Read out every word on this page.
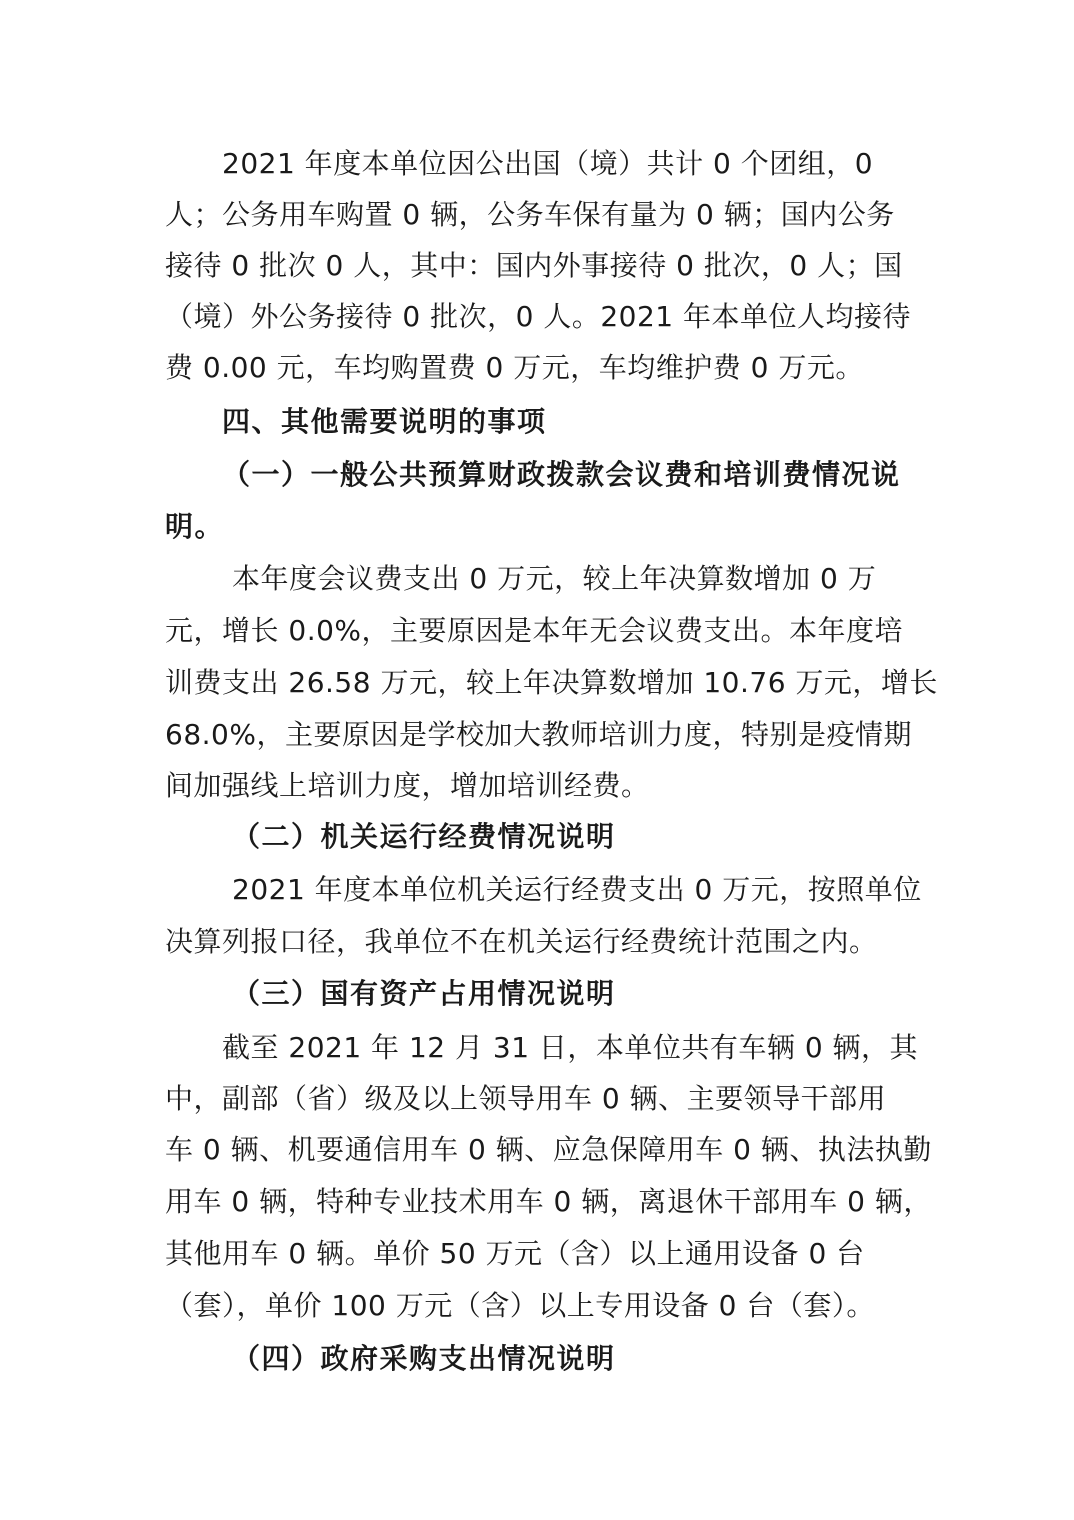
2021 年度本单位因公出国（境）共计 0 个团组，0
人；公务用车购置 0 辆，公务车保有量为 0 辆；国内公务
接待 0 批次 0 人，其中：国内外事接待 0 批次，0 人；国
（境）外公务接待 0 批次，0 人。2021 年本单位人均接待
费 0.00 元，车均购置费 0 万元，车均维护费 0 万元。
四、其他需要说明的事项
（一）一般公共预算财政拨款会议费和培训费情况说
明。
本年度会议费支出 0 万元，较上年决算数增加 0 万
元，增长 0.0%，主要原因是本年无会议费支出。本年度培
训费支出 26.58 万元，较上年决算数增加 10.76 万元，增长
68.0%，主要原因是学校加大教师培训力度，特别是疫情期
间加强线上培训力度，增加培训经费。
（二）机关运行经费情况说明
2021 年度本单位机关运行经费支出 0 万元，按照单位
决算列报口径，我单位不在机关运行经费统计范围之内。
（三）国有资产占用情况说明
截至 2021 年 12 月 31 日，本单位共有车辆 0 辆，其
中，副部（省）级及以上领导用车 0 辆、主要领导干部用
车 0 辆、机要通信用车 0 辆、应急保障用车 0 辆、执法执勤
用车 0 辆，特种专业技术用车 0 辆，离退休干部用车 0 辆，
其他用车 0 辆。单价 50 万元（含）以上通用设备 0 台
（套），单价 100 万元（含）以上专用设备 0 台（套）。
（四）政府采购支出情况说明
